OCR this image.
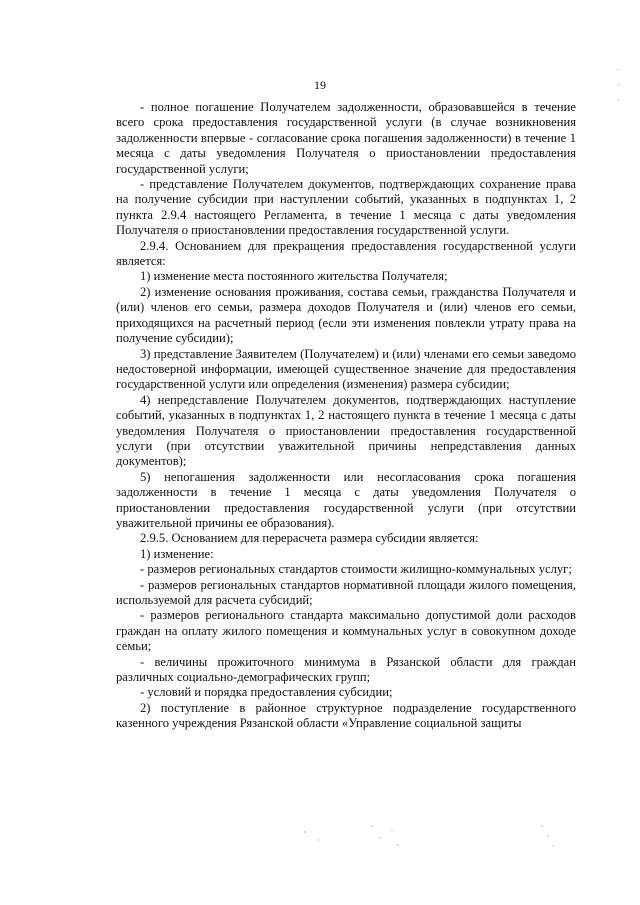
19

- полное погашение Получателем задолженности, образовавшейся в течение всего срока предоставления государственной услуги (в случае возникновения задолженности впервые - согласование срока погашения задолженности) в течение 1 месяца с даты уведомления Получателя о приостановлении предоставления государственной услуги;

- представление Получателем документов, подтверждающих сохранение права на получение субсидии при наступлении событий, указанных в подпунктах 1, 2 пункта 2.9.4 настоящего Регламента, в течение 1 месяца с даты уведомления Получателя о приостановлении предоставления государственной услуги.

2.9.4. Основанием для прекращения предоставления государственной услуги является:

1) изменение места постоянного жительства Получателя;

2) изменение основания проживания, состава семьи, гражданства Получателя и (или) членов его семьи, размера доходов Получателя и (или) членов его семьи, приходящихся на расчетный период (если эти изменения повлекли утрату права на получение субсидии);

3) представление Заявителем (Получателем) и (или) членами его семьи заведомо недостоверной информации, имеющей существенное значение для предоставления государственной услуги или определения (изменения) размера субсидии;

4) непредставление Получателем документов, подтверждающих наступление событий, указанных в подпунктах 1, 2 настоящего пункта в течение 1 месяца с даты уведомления Получателя о приостановлении предоставления государственной услуги (при отсутствии уважительной причины непредставления данных документов);

5) непогашения задолженности или несогласования срока погашения задолженности в течение 1 месяца с даты уведомления Получателя о приостановлении предоставления государственной услуги (при отсутствии уважительной причины ее образования).

2.9.5. Основанием для перерасчета размера субсидии является:

1) изменение:

- размеров региональных стандартов стоимости жилищно-коммунальных услуг;

- размеров региональных стандартов нормативной площади жилого помещения, используемой для расчета субсидий;

- размеров регионального стандарта максимально допустимой доли расходов граждан на оплату жилого помещения и коммунальных услуг в совокупном доходе семьи;

- величины прожиточного минимума в Рязанской области для граждан различных социально-демографических групп;

- условий и порядка предоставления субсидии;

2) поступление в районное структурное подразделение государственного казенного учреждения Рязанской области «Управление социальной защиты
